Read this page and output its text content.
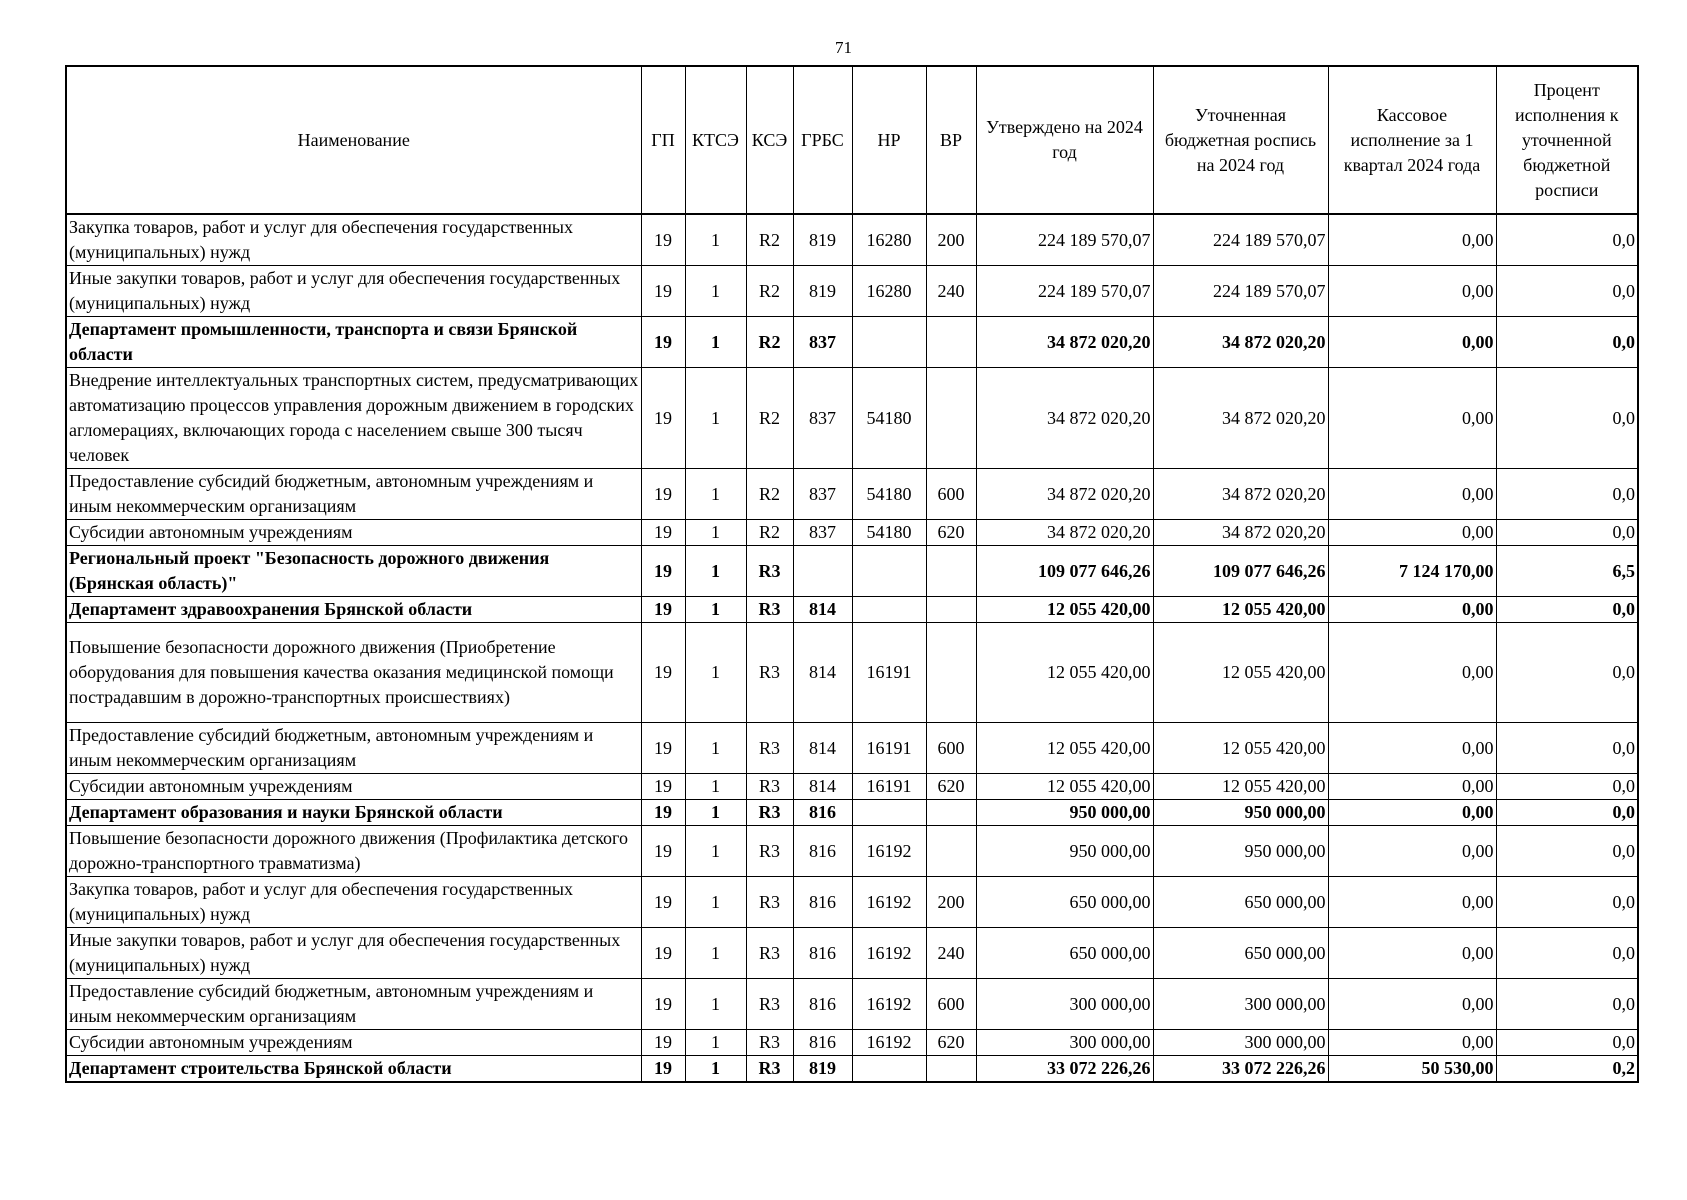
71
Наименование	ГП	КТСЭ	КСЭ	ГРБС	НР	ВР	Утверждено на 2024 год	Уточненная бюджетная роспись на 2024 год	Кассовое исполнение за 1 квартал 2024 года	Процент исполнения к уточненной бюджетной росписи
Закупка товаров, работ и услуг для обеспечения государственных (муниципальных) нужд	19	1	R2	819	16280	200	224 189 570,07	224 189 570,07	0,00	0,0
Иные закупки товаров, работ и услуг для обеспечения государственных (муниципальных) нужд	19	1	R2	819	16280	240	224 189 570,07	224 189 570,07	0,00	0,0
Департамент промышленности, транспорта и связи Брянской области	19	1	R2	837			34 872 020,20	34 872 020,20	0,00	0,0
Внедрение интеллектуальных транспортных систем, предусматривающих автоматизацию процессов управления дорожным движением в городских агломерациях, включающих города с населением свыше 300 тысяч человек	19	1	R2	837	54180		34 872 020,20	34 872 020,20	0,00	0,0
Предоставление субсидий бюджетным, автономным учреждениям и иным некоммерческим организациям	19	1	R2	837	54180	600	34 872 020,20	34 872 020,20	0,00	0,0
Субсидии автономным учреждениям	19	1	R2	837	54180	620	34 872 020,20	34 872 020,20	0,00	0,0
Региональный проект "Безопасность дорожного движения (Брянская область)"	19	1	R3				109 077 646,26	109 077 646,26	7 124 170,00	6,5
Департамент здравоохранения Брянской области	19	1	R3	814			12 055 420,00	12 055 420,00	0,00	0,0
Повышение безопасности дорожного движения (Приобретение оборудования для повышения качества оказания медицинской помощи пострадавшим в дорожно-транспортных происшествиях)	19	1	R3	814	16191		12 055 420,00	12 055 420,00	0,00	0,0
Предоставление субсидий бюджетным, автономным учреждениям и иным некоммерческим организациям	19	1	R3	814	16191	600	12 055 420,00	12 055 420,00	0,00	0,0
Субсидии автономным учреждениям	19	1	R3	814	16191	620	12 055 420,00	12 055 420,00	0,00	0,0
Департамент образования и науки Брянской области	19	1	R3	816			950 000,00	950 000,00	0,00	0,0
Повышение безопасности дорожного движения (Профилактика детского дорожно-транспортного травматизма)	19	1	R3	816	16192		950 000,00	950 000,00	0,00	0,0
Закупка товаров, работ и услуг для обеспечения государственных (муниципальных) нужд	19	1	R3	816	16192	200	650 000,00	650 000,00	0,00	0,0
Иные закупки товаров, работ и услуг для обеспечения государственных (муниципальных) нужд	19	1	R3	816	16192	240	650 000,00	650 000,00	0,00	0,0
Предоставление субсидий бюджетным, автономным учреждениям и иным некоммерческим организациям	19	1	R3	816	16192	600	300 000,00	300 000,00	0,00	0,0
Субсидии автономным учреждениям	19	1	R3	816	16192	620	300 000,00	300 000,00	0,00	0,0
Департамент строительства Брянской области	19	1	R3	819			33 072 226,26	33 072 226,26	50 530,00	0,2
